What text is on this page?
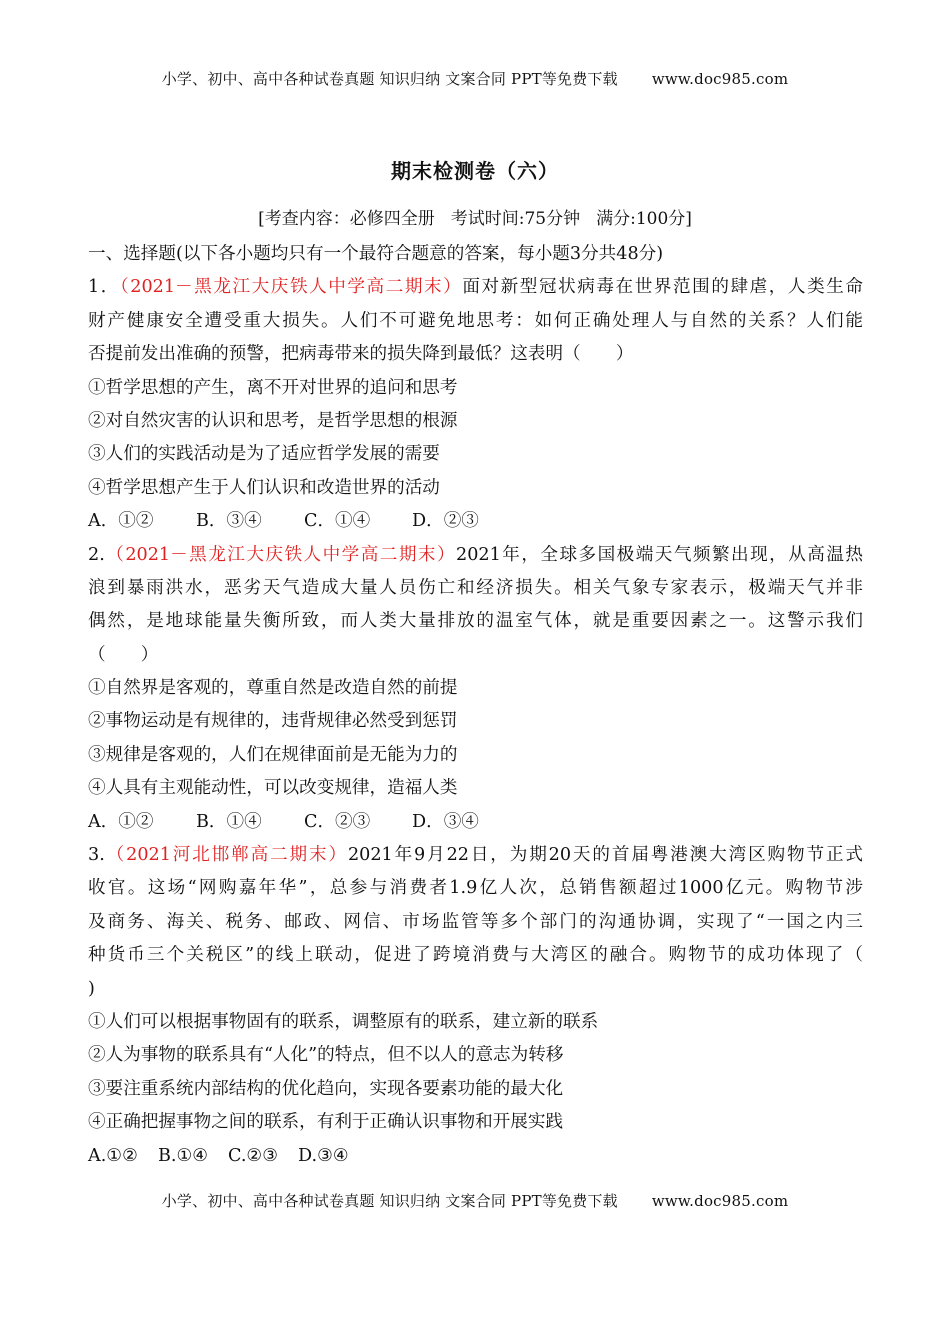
小学、初中、高中各种试卷真题 知识归纳 文案合同 PPT等免费下载 www.doc985.com
期末检测卷（六）
[考查内容：必修四全册 考试时间:75分钟 满分:100分]
一、选择题(以下各小题均只有一个最符合题意的答案，每小题3分共48分)
1．（2021－黑龙江大庆铁人中学高二期末）面对新型冠状病毒在世界范围的肆虐，人类生命
财产健康安全遭受重大损失。人们不可避免地思考：如何正确处理人与自然的关系？人们能
否提前发出准确的预警，把病毒带来的损失降到最低？这表明（　　）
①哲学思想的产生，离不开对世界的追问和思考
②对自然灾害的认识和思考，是哲学思想的根源
③人们的实践活动是为了适应哲学发展的需要
④哲学思想产生于人们认识和改造世界的活动
A．①② B．③④ C．①④ D．②③
2.（2021－黑龙江大庆铁人中学高二期末）2021年，全球多国极端天气频繁出现，从高温热
浪到暴雨洪水，恶劣天气造成大量人员伤亡和经济损失。相关气象专家表示，极端天气并非
偶然，是地球能量失衡所致，而人类大量排放的温室气体，就是重要因素之一。这警示我们
（　　）
①自然界是客观的，尊重自然是改造自然的前提
②事物运动是有规律的，违背规律必然受到惩罚
③规律是客观的，人们在规律面前是无能为力的
④人具有主观能动性，可以改变规律，造福人类
A．①② B．①④ C．②③ D．③④
3.（2021河北邯郸高二期末）2021年9月22日，为期20天的首届粤港澳大湾区购物节正式
收官。这场“网购嘉年华”，总参与消费者1.9亿人次，总销售额超过1000亿元。购物节涉
及商务、海关、税务、邮政、网信、市场监管等多个部门的沟通协调，实现了“一国之内三
种货币三个关税区”的线上联动，促进了跨境消费与大湾区的融合。购物节的成功体现了（
)
①人们可以根据事物固有的联系，调整原有的联系，建立新的联系
②人为事物的联系具有“人化”的特点，但不以人的意志为转移
③要注重系统内部结构的优化趋向，实现各要素功能的最大化
④正确把握事物之间的联系，有利于正确认识事物和开展实践
A.①② B.①④ C.②③ D.③④
小学、初中、高中各种试卷真题 知识归纳 文案合同 PPT等免费下载 www.doc985.com
